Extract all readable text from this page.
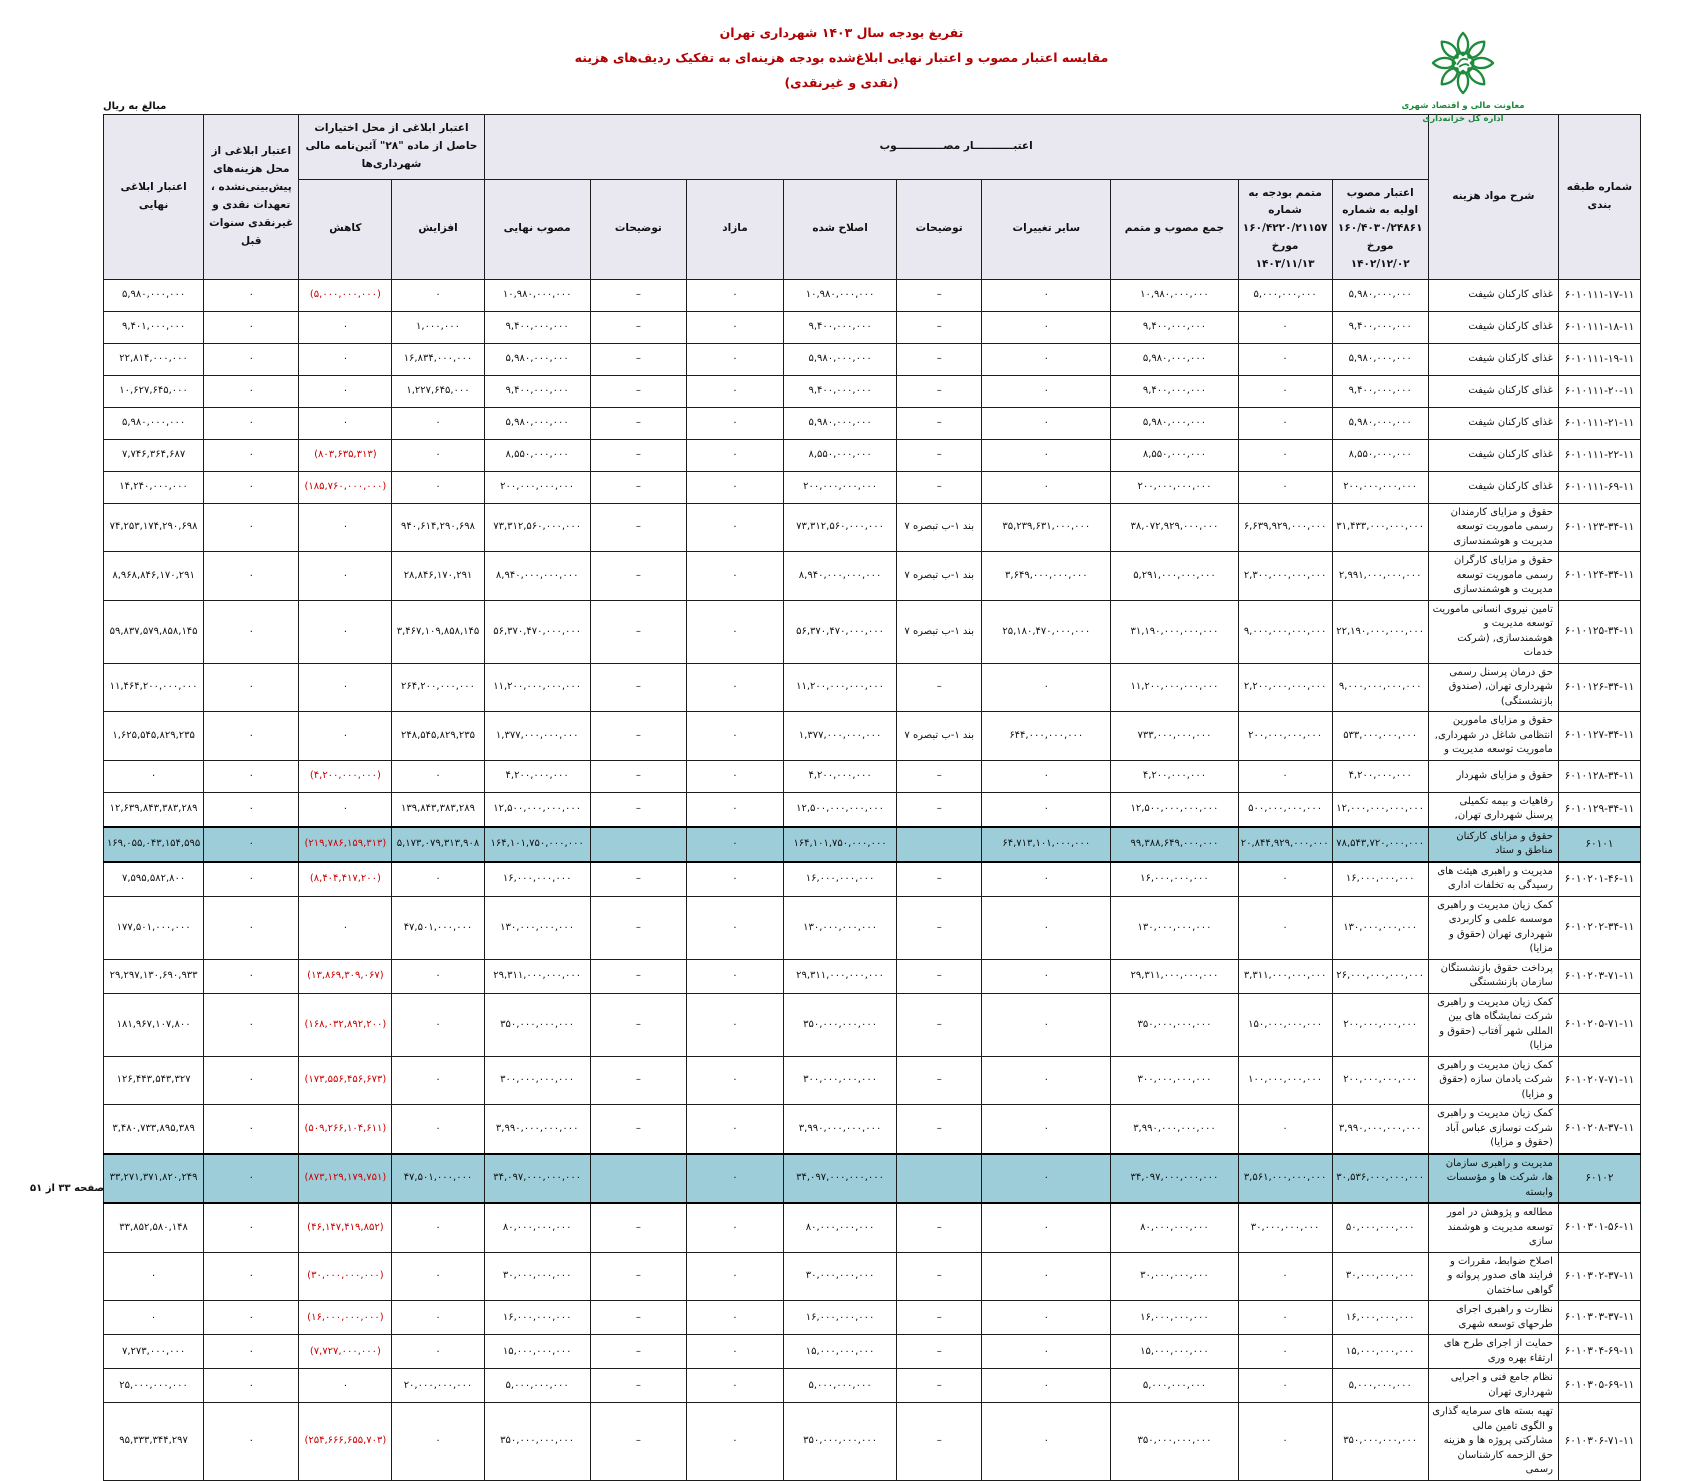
معاونت مالی و اقتصاد شهری
اداره کل خزانه‌داری
تفریغ بودجه سال ۱۴۰۳ شهرداری تهران
مقایسه اعتبار مصوب و اعتبار نهایی ابلاغ‌شده بودجه هزینه‌ای به تفکیک ردیف‌های هزینه
(نقدی و غیرنقدی)
مبالغ به ریال
شماره طبقه بندی	شرح مواد هزینه	اعتبـــــــــــار مصـــــــــــــوب									اعتبار ابلاغی از محل اختیارات حاصل از ماده "۲۸" آئین‌نامه مالی شهرداری‌ها		اعتبار ابلاغی از محل هزینه‌های پیش‌بینی‌نشده ، تعهدات نقدی و غیرنقدی سنوات قبل	اعتبار ابلاغی نهایی
		اعتبار مصوب اولیه به شماره ۱۶۰/۴۰۳۰/۲۴۸۶۱ مورخ ۱۴۰۲/۱۲/۰۲	متمم بودجه به شماره ۱۶۰/۴۲۲۰/۲۱۱۵۷ مورخ ۱۴۰۳/۱۱/۱۳	جمع مصوب و متمم	سایر تغییرات	توضیحات	اصلاح شده	مازاد	توضیحات	مصوب نهایی	افزایش	کاهش		
۶۰۱۰۱۱۱-۱۷-۱۱	غذای کارکنان شیفت	۵,۹۸۰,۰۰۰,۰۰۰	۵,۰۰۰,۰۰۰,۰۰۰	۱۰,۹۸۰,۰۰۰,۰۰۰	۰	–	۱۰,۹۸۰,۰۰۰,۰۰۰	۰	–	۱۰,۹۸۰,۰۰۰,۰۰۰	۰	(۵,۰۰۰,۰۰۰,۰۰۰)	۰	۵,۹۸۰,۰۰۰,۰۰۰
۶۰۱۰۱۱۱-۱۸-۱۱	غذای کارکنان شیفت	۹,۴۰۰,۰۰۰,۰۰۰	۰	۹,۴۰۰,۰۰۰,۰۰۰	۰	–	۹,۴۰۰,۰۰۰,۰۰۰	۰	–	۹,۴۰۰,۰۰۰,۰۰۰	۱,۰۰۰,۰۰۰	۰	۰	۹,۴۰۱,۰۰۰,۰۰۰
۶۰۱۰۱۱۱-۱۹-۱۱	غذای کارکنان شیفت	۵,۹۸۰,۰۰۰,۰۰۰	۰	۵,۹۸۰,۰۰۰,۰۰۰	۰	–	۵,۹۸۰,۰۰۰,۰۰۰	۰	–	۵,۹۸۰,۰۰۰,۰۰۰	۱۶,۸۳۴,۰۰۰,۰۰۰	۰	۰	۲۲,۸۱۴,۰۰۰,۰۰۰
۶۰۱۰۱۱۱-۲۰-۱۱	غذای کارکنان شیفت	۹,۴۰۰,۰۰۰,۰۰۰	۰	۹,۴۰۰,۰۰۰,۰۰۰	۰	–	۹,۴۰۰,۰۰۰,۰۰۰	۰	–	۹,۴۰۰,۰۰۰,۰۰۰	۱,۲۲۷,۶۴۵,۰۰۰	۰	۰	۱۰,۶۲۷,۶۴۵,۰۰۰
۶۰۱۰۱۱۱-۲۱-۱۱	غذای کارکنان شیفت	۵,۹۸۰,۰۰۰,۰۰۰	۰	۵,۹۸۰,۰۰۰,۰۰۰	۰	–	۵,۹۸۰,۰۰۰,۰۰۰	۰	–	۵,۹۸۰,۰۰۰,۰۰۰	۰	۰	۰	۵,۹۸۰,۰۰۰,۰۰۰
۶۰۱۰۱۱۱-۲۲-۱۱	غذای کارکنان شیفت	۸,۵۵۰,۰۰۰,۰۰۰	۰	۸,۵۵۰,۰۰۰,۰۰۰	۰	–	۸,۵۵۰,۰۰۰,۰۰۰	۰	–	۸,۵۵۰,۰۰۰,۰۰۰	۰	(۸۰۳,۶۳۵,۳۱۳)	۰	۷,۷۴۶,۳۶۴,۶۸۷
۶۰۱۰۱۱۱-۶۹-۱۱	غذای کارکنان شیفت	۲۰۰,۰۰۰,۰۰۰,۰۰۰	۰	۲۰۰,۰۰۰,۰۰۰,۰۰۰	۰	–	۲۰۰,۰۰۰,۰۰۰,۰۰۰	۰	–	۲۰۰,۰۰۰,۰۰۰,۰۰۰	۰	(۱۸۵,۷۶۰,۰۰۰,۰۰۰)	۰	۱۴,۲۴۰,۰۰۰,۰۰۰
۶۰۱۰۱۲۳-۳۴-۱۱	حقوق و مزایای کارمندان رسمی ماموریت توسعه مدیریت و هوشمندسازی	۳۱,۴۳۳,۰۰۰,۰۰۰,۰۰۰	۶,۶۳۹,۹۲۹,۰۰۰,۰۰۰	۳۸,۰۷۲,۹۲۹,۰۰۰,۰۰۰	۳۵,۲۳۹,۶۳۱,۰۰۰,۰۰۰	بند ۱-ب تبصره ۷	۷۳,۳۱۲,۵۶۰,۰۰۰,۰۰۰	۰	–	۷۳,۳۱۲,۵۶۰,۰۰۰,۰۰۰	۹۴۰,۶۱۴,۲۹۰,۶۹۸	۰	۰	۷۴,۲۵۳,۱۷۴,۲۹۰,۶۹۸
۶۰۱۰۱۲۴-۳۴-۱۱	حقوق و مزایای کارگران رسمی ماموریت توسعه مدیریت و هوشمندسازی	۲,۹۹۱,۰۰۰,۰۰۰,۰۰۰	۲,۳۰۰,۰۰۰,۰۰۰,۰۰۰	۵,۲۹۱,۰۰۰,۰۰۰,۰۰۰	۳,۶۴۹,۰۰۰,۰۰۰,۰۰۰	بند ۱-ب تبصره ۷	۸,۹۴۰,۰۰۰,۰۰۰,۰۰۰	۰	–	۸,۹۴۰,۰۰۰,۰۰۰,۰۰۰	۲۸,۸۴۶,۱۷۰,۲۹۱	۰	۰	۸,۹۶۸,۸۴۶,۱۷۰,۲۹۱
۶۰۱۰۱۲۵-۳۴-۱۱	تامین نیروی انسانی ماموریت توسعه مدیریت و هوشمندسازی, (شرکت خدمات	۲۲,۱۹۰,۰۰۰,۰۰۰,۰۰۰	۹,۰۰۰,۰۰۰,۰۰۰,۰۰۰	۳۱,۱۹۰,۰۰۰,۰۰۰,۰۰۰	۲۵,۱۸۰,۴۷۰,۰۰۰,۰۰۰	بند ۱-ب تبصره ۷	۵۶,۳۷۰,۴۷۰,۰۰۰,۰۰۰	۰	–	۵۶,۳۷۰,۴۷۰,۰۰۰,۰۰۰	۳,۴۶۷,۱۰۹,۸۵۸,۱۴۵	۰	۰	۵۹,۸۳۷,۵۷۹,۸۵۸,۱۴۵
۶۰۱۰۱۲۶-۳۴-۱۱	حق درمان پرسنل رسمی شهرداری تهران, (صندوق بازنشستگی)	۹,۰۰۰,۰۰۰,۰۰۰,۰۰۰	۲,۲۰۰,۰۰۰,۰۰۰,۰۰۰	۱۱,۲۰۰,۰۰۰,۰۰۰,۰۰۰	۰	–	۱۱,۲۰۰,۰۰۰,۰۰۰,۰۰۰	۰	–	۱۱,۲۰۰,۰۰۰,۰۰۰,۰۰۰	۲۶۴,۲۰۰,۰۰۰,۰۰۰	۰	۰	۱۱,۴۶۴,۲۰۰,۰۰۰,۰۰۰
۶۰۱۰۱۲۷-۳۴-۱۱	حقوق و مزایای مامورین انتظامی شاغل در شهرداری, ماموریت توسعه مدیریت و	۵۳۳,۰۰۰,۰۰۰,۰۰۰	۲۰۰,۰۰۰,۰۰۰,۰۰۰	۷۳۳,۰۰۰,۰۰۰,۰۰۰	۶۴۴,۰۰۰,۰۰۰,۰۰۰	بند ۱-ب تبصره ۷	۱,۳۷۷,۰۰۰,۰۰۰,۰۰۰	۰	–	۱,۳۷۷,۰۰۰,۰۰۰,۰۰۰	۲۴۸,۵۴۵,۸۲۹,۲۳۵	۰	۰	۱,۶۲۵,۵۴۵,۸۲۹,۲۳۵
۶۰۱۰۱۲۸-۳۴-۱۱	حقوق و مزایای شهردار	۴,۲۰۰,۰۰۰,۰۰۰	۰	۴,۲۰۰,۰۰۰,۰۰۰	۰	–	۴,۲۰۰,۰۰۰,۰۰۰	۰	–	۴,۲۰۰,۰۰۰,۰۰۰	۰	(۴,۲۰۰,۰۰۰,۰۰۰)	۰	۰
۶۰۱۰۱۲۹-۳۴-۱۱	رفاهیات و بیمه تکمیلی پرسنل شهرداری تهران,	۱۲,۰۰۰,۰۰۰,۰۰۰,۰۰۰	۵۰۰,۰۰۰,۰۰۰,۰۰۰	۱۲,۵۰۰,۰۰۰,۰۰۰,۰۰۰	۰	–	۱۲,۵۰۰,۰۰۰,۰۰۰,۰۰۰	۰	–	۱۲,۵۰۰,۰۰۰,۰۰۰,۰۰۰	۱۳۹,۸۴۳,۳۸۳,۲۸۹	۰	۰	۱۲,۶۳۹,۸۴۳,۳۸۳,۲۸۹
۶۰۱۰۱	حقوق و مزایای کارکنان مناطق و ستاد	۷۸,۵۴۳,۷۲۰,۰۰۰,۰۰۰	۲۰,۸۴۴,۹۲۹,۰۰۰,۰۰۰	۹۹,۳۸۸,۶۴۹,۰۰۰,۰۰۰	۶۴,۷۱۳,۱۰۱,۰۰۰,۰۰۰		۱۶۴,۱۰۱,۷۵۰,۰۰۰,۰۰۰	۰		۱۶۴,۱۰۱,۷۵۰,۰۰۰,۰۰۰	۵,۱۷۳,۰۷۹,۳۱۳,۹۰۸	(۲۱۹,۷۸۶,۱۵۹,۳۱۳)	۰	۱۶۹,۰۵۵,۰۴۳,۱۵۴,۵۹۵
۶۰۱۰۲۰۱-۴۶-۱۱	مدیریت و راهبری هیئت های رسیدگی به تخلفات اداری	۱۶,۰۰۰,۰۰۰,۰۰۰	۰	۱۶,۰۰۰,۰۰۰,۰۰۰	۰	–	۱۶,۰۰۰,۰۰۰,۰۰۰	۰	–	۱۶,۰۰۰,۰۰۰,۰۰۰	۰	(۸,۴۰۴,۴۱۷,۲۰۰)	۰	۷,۵۹۵,۵۸۲,۸۰۰
۶۰۱۰۲۰۲-۳۴-۱۱	کمک زیان مدیریت و راهبری موسسه علمی و کاربردی شهرداری تهران (حقوق و مزایا)	۱۳۰,۰۰۰,۰۰۰,۰۰۰	۰	۱۳۰,۰۰۰,۰۰۰,۰۰۰	۰	–	۱۳۰,۰۰۰,۰۰۰,۰۰۰	۰	–	۱۳۰,۰۰۰,۰۰۰,۰۰۰	۴۷,۵۰۱,۰۰۰,۰۰۰	۰	۰	۱۷۷,۵۰۱,۰۰۰,۰۰۰
۶۰۱۰۲۰۳-۷۱-۱۱	پرداخت حقوق بازنشستگان سازمان بازنشستگی	۲۶,۰۰۰,۰۰۰,۰۰۰,۰۰۰	۳,۳۱۱,۰۰۰,۰۰۰,۰۰۰	۲۹,۳۱۱,۰۰۰,۰۰۰,۰۰۰	۰	–	۲۹,۳۱۱,۰۰۰,۰۰۰,۰۰۰	۰	–	۲۹,۳۱۱,۰۰۰,۰۰۰,۰۰۰	۰	(۱۳,۸۶۹,۳۰۹,۰۶۷)	۰	۲۹,۲۹۷,۱۳۰,۶۹۰,۹۳۳
۶۰۱۰۲۰۵-۷۱-۱۱	کمک زیان مدیریت و راهبری شرکت نمایشگاه های بین المللی شهر آفتاب (حقوق و مزایا)	۲۰۰,۰۰۰,۰۰۰,۰۰۰	۱۵۰,۰۰۰,۰۰۰,۰۰۰	۳۵۰,۰۰۰,۰۰۰,۰۰۰	۰	–	۳۵۰,۰۰۰,۰۰۰,۰۰۰	۰	–	۳۵۰,۰۰۰,۰۰۰,۰۰۰	۰	(۱۶۸,۰۳۲,۸۹۲,۲۰۰)	۰	۱۸۱,۹۶۷,۱۰۷,۸۰۰
۶۰۱۰۲۰۷-۷۱-۱۱	کمک زیان مدیریت و راهبری شرکت یادمان سازه (حقوق و مزایا)	۲۰۰,۰۰۰,۰۰۰,۰۰۰	۱۰۰,۰۰۰,۰۰۰,۰۰۰	۳۰۰,۰۰۰,۰۰۰,۰۰۰	۰	–	۳۰۰,۰۰۰,۰۰۰,۰۰۰	۰	–	۳۰۰,۰۰۰,۰۰۰,۰۰۰	۰	(۱۷۳,۵۵۶,۴۵۶,۶۷۳)	۰	۱۲۶,۴۴۳,۵۴۳,۳۲۷
۶۰۱۰۲۰۸-۳۷-۱۱	کمک زیان مدیریت و راهبری شرکت نوسازی عباس آباد (حقوق و مزایا)	۳,۹۹۰,۰۰۰,۰۰۰,۰۰۰	۰	۳,۹۹۰,۰۰۰,۰۰۰,۰۰۰	۰	–	۳,۹۹۰,۰۰۰,۰۰۰,۰۰۰	۰	–	۳,۹۹۰,۰۰۰,۰۰۰,۰۰۰	۰	(۵۰۹,۲۶۶,۱۰۴,۶۱۱)	۰	۳,۴۸۰,۷۳۳,۸۹۵,۳۸۹
۶۰۱۰۲	مدیریت و راهبری سازمان ها، شرکت ها و مؤسسات وابسته	۳۰,۵۳۶,۰۰۰,۰۰۰,۰۰۰	۳,۵۶۱,۰۰۰,۰۰۰,۰۰۰	۳۴,۰۹۷,۰۰۰,۰۰۰,۰۰۰	۰		۳۴,۰۹۷,۰۰۰,۰۰۰,۰۰۰	۰		۳۴,۰۹۷,۰۰۰,۰۰۰,۰۰۰	۴۷,۵۰۱,۰۰۰,۰۰۰	(۸۷۳,۱۲۹,۱۷۹,۷۵۱)	۰	۳۳,۲۷۱,۳۷۱,۸۲۰,۲۴۹
۶۰۱۰۳۰۱-۵۶-۱۱	مطالعه و پژوهش در امور توسعه مدیریت و هوشمند سازی	۵۰,۰۰۰,۰۰۰,۰۰۰	۳۰,۰۰۰,۰۰۰,۰۰۰	۸۰,۰۰۰,۰۰۰,۰۰۰	۰	–	۸۰,۰۰۰,۰۰۰,۰۰۰	۰	–	۸۰,۰۰۰,۰۰۰,۰۰۰	۰	(۴۶,۱۴۷,۴۱۹,۸۵۲)	۰	۳۳,۸۵۲,۵۸۰,۱۴۸
۶۰۱۰۳۰۲-۳۷-۱۱	اصلاح ضوابط، مقررات و فرایند های صدور پروانه و گواهی ساختمان	۳۰,۰۰۰,۰۰۰,۰۰۰	۰	۳۰,۰۰۰,۰۰۰,۰۰۰	۰	–	۳۰,۰۰۰,۰۰۰,۰۰۰	۰	–	۳۰,۰۰۰,۰۰۰,۰۰۰	۰	(۳۰,۰۰۰,۰۰۰,۰۰۰)	۰	۰
۶۰۱۰۳۰۳-۳۷-۱۱	نظارت و راهبری اجرای طرحهای توسعه شهری	۱۶,۰۰۰,۰۰۰,۰۰۰	۰	۱۶,۰۰۰,۰۰۰,۰۰۰	۰	–	۱۶,۰۰۰,۰۰۰,۰۰۰	۰	–	۱۶,۰۰۰,۰۰۰,۰۰۰	۰	(۱۶,۰۰۰,۰۰۰,۰۰۰)	۰	۰
۶۰۱۰۳۰۴-۶۹-۱۱	حمایت از اجرای طرح های ارتقاء بهره وری	۱۵,۰۰۰,۰۰۰,۰۰۰	۰	۱۵,۰۰۰,۰۰۰,۰۰۰	۰	–	۱۵,۰۰۰,۰۰۰,۰۰۰	۰	–	۱۵,۰۰۰,۰۰۰,۰۰۰	۰	(۷,۷۲۷,۰۰۰,۰۰۰)	۰	۷,۲۷۳,۰۰۰,۰۰۰
۶۰۱۰۳۰۵-۶۹-۱۱	نظام جامع فنی و اجرایی شهرداری تهران	۵,۰۰۰,۰۰۰,۰۰۰	۰	۵,۰۰۰,۰۰۰,۰۰۰	۰	–	۵,۰۰۰,۰۰۰,۰۰۰	۰	–	۵,۰۰۰,۰۰۰,۰۰۰	۲۰,۰۰۰,۰۰۰,۰۰۰	۰	۰	۲۵,۰۰۰,۰۰۰,۰۰۰
۶۰۱۰۳۰۶-۷۱-۱۱	تهیه بسته های سرمایه گذاری و الگوی تامین مالی مشارکتی پروژه ها و هزینه حق الزحمه کارشناسان رسمی	۳۵۰,۰۰۰,۰۰۰,۰۰۰	۰	۳۵۰,۰۰۰,۰۰۰,۰۰۰	۰	–	۳۵۰,۰۰۰,۰۰۰,۰۰۰	۰	–	۳۵۰,۰۰۰,۰۰۰,۰۰۰	۰	(۲۵۴,۶۶۶,۶۵۵,۷۰۳)	۰	۹۵,۳۳۳,۳۴۴,۲۹۷
صفحه ۳۳ از ۵۱
